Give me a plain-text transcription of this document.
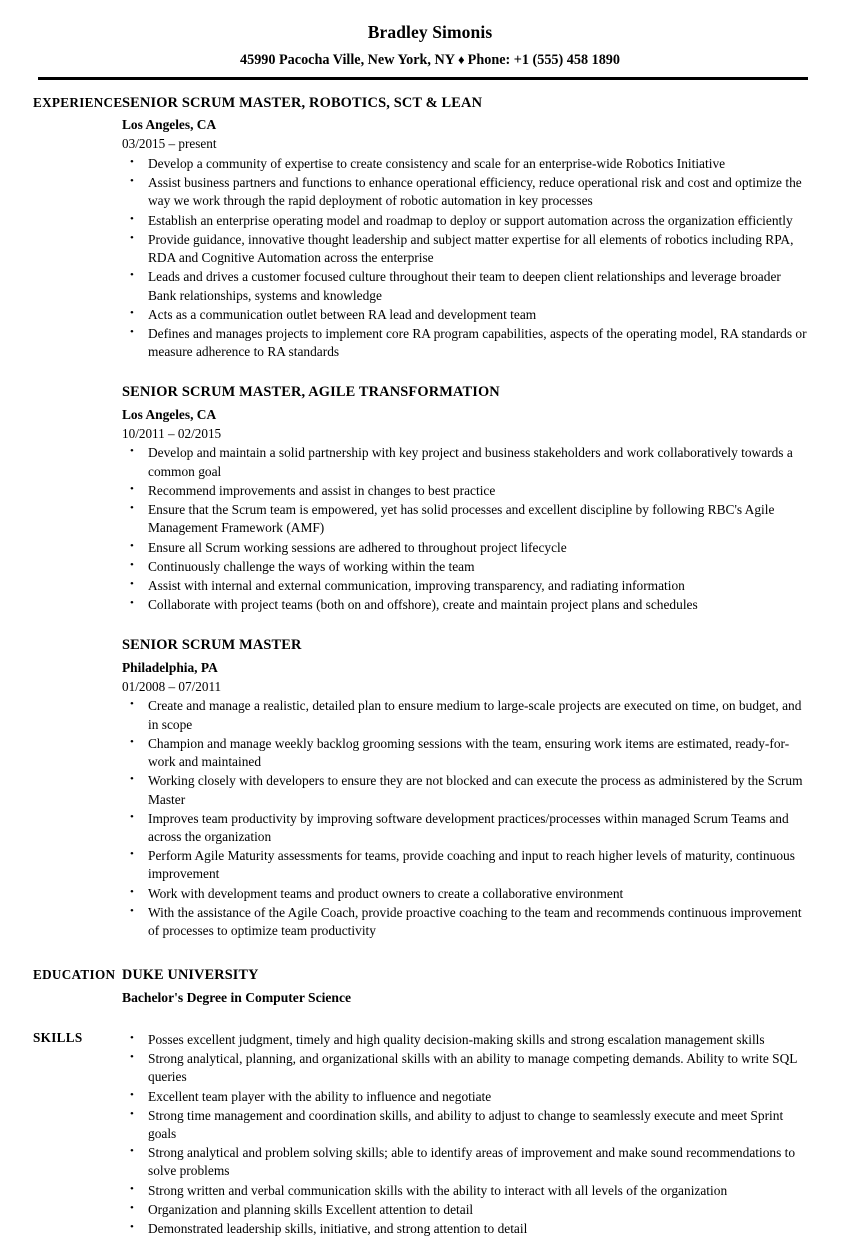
Bradley Simonis
45990 Pacocha Ville, New York, NY ♦ Phone: +1 (555) 458 1890
EXPERIENCE SENIOR SCRUM MASTER, ROBOTICS, SCT & LEAN
Los Angeles, CA
03/2015 – present
• Develop a community of expertise to create consistency and scale for an enterprise-wide Robotics Initiative
• Assist business partners and functions to enhance operational efficiency, reduce operational risk and cost and optimize the way we work through the rapid deployment of robotic automation in key processes
• Establish an enterprise operating model and roadmap to deploy or support automation across the organization efficiently
• Provide guidance, innovative thought leadership and subject matter expertise for all elements of robotics including RPA, RDA and Cognitive Automation across the enterprise
• Leads and drives a customer focused culture throughout their team to deepen client relationships and leverage broader Bank relationships, systems and knowledge
• Acts as a communication outlet between RA lead and development team
• Defines and manages projects to implement core RA program capabilities, aspects of the operating model, RA standards or measure adherence to RA standards
SENIOR SCRUM MASTER, AGILE TRANSFORMATION
Los Angeles, CA
10/2011 – 02/2015
• Develop and maintain a solid partnership with key project and business stakeholders and work collaboratively towards a common goal
• Recommend improvements and assist in changes to best practice
• Ensure that the Scrum team is empowered, yet has solid processes and excellent discipline by following RBC's Agile Management Framework (AMF)
• Ensure all Scrum working sessions are adhered to throughout project lifecycle
• Continuously challenge the ways of working within the team
• Assist with internal and external communication, improving transparency, and radiating information
• Collaborate with project teams (both on and offshore), create and maintain project plans and schedules
SENIOR SCRUM MASTER
Philadelphia, PA
01/2008 – 07/2011
• Create and manage a realistic, detailed plan to ensure medium to large-scale projects are executed on time, on budget, and in scope
• Champion and manage weekly backlog grooming sessions with the team, ensuring work items are estimated, ready-for-work and maintained
• Working closely with developers to ensure they are not blocked and can execute the process as administered by the Scrum Master
• Improves team productivity by improving software development practices/processes within managed Scrum Teams and across the organization
• Perform Agile Maturity assessments for teams, provide coaching and input to reach higher levels of maturity, continuous improvement
• Work with development teams and product owners to create a collaborative environment
• With the assistance of the Agile Coach, provide proactive coaching to the team and recommends continuous improvement of processes to optimize team productivity
EDUCATION DUKE UNIVERSITY
Bachelor's Degree in Computer Science
SKILLS	• Posses excellent judgment, timely and high quality decision-making skills and strong escalation management skills
• Strong analytical, planning, and organizational skills with an ability to manage competing demands. Ability to write SQL queries
• Excellent team player with the ability to influence and negotiate
• Strong time management and coordination skills, and ability to adjust to change to seamlessly execute and meet Sprint goals
• Strong analytical and problem solving skills; able to identify areas of improvement and make sound recommendations to solve problems
• Strong written and verbal communication skills with the ability to interact with all levels of the organization
• Organization and planning skills Excellent attention to detail
• Demonstrated leadership skills, initiative, and strong attention to detail
